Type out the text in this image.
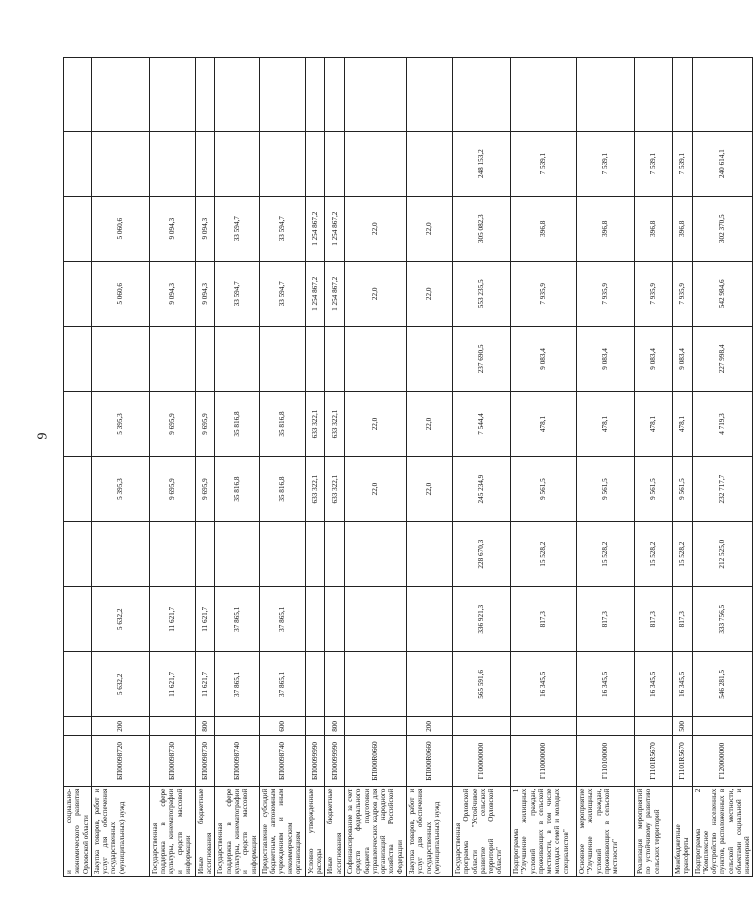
9
и социально-экономического развития Орловской области												
Закупка товаров, работ и услуг для обеспечения государственных (муниципальных) нужд	БП00098720	200	5 632,2	5 632,2		5 395,3	5 395,3		5 060,6	5 060,6		
Государственная поддержка в сфере культуры, кинематографии и средств массовой информации	БП00098730		11 621,7	11 621,7		9 695,9	9 695,9		9 094,3	9 094,3		
Иные бюджетные ассигнования	БП00098730	800	11 621,7	11 621,7		9 695,9	9 695,9		9 094,3	9 094,3		
Государственная поддержка в сфере культуры, кинематографии и средств массовой информации	БП00098740		37 865,1	37 865,1		35 816,8	35 816,8		33 594,7	33 594,7		
Предоставление субсидий бюджетным, автономным учреждениям и иным некоммерческим организациям	БП00098740	600	37 865,1	37 865,1		35 816,8	35 816,8		33 594,7	33 594,7		
Условно утвержденные расходы	БП00099990					633 322,1	633 322,1		1 254 867,2	1 254 867,2		
Иные бюджетные ассигнования	БП00099990	800				633 322,1	633 322,1		1 254 867,2	1 254 867,2		
Софинансирование за счет средств федерального бюджета подготовки управленческих кадров для организаций народного хозяйства Российской Федерации	БП000R0660					22,0	22,0		22,0	22,0		
Закупка товаров, работ и услуг для обеспечения государственных (муниципальных) нужд	БП000R0660	200				22,0	22,0		22,0	22,0		
Государственная программа Орловской области "Устойчивое развитие сельских территорий Орловской области"	Г100000000		565 591,6	336 921,3	228 670,3	245 234,9	7 544,4	237 690,5	553 235,5	305 082,3	248 153,2	
Подпрограмма 1 "Улучшение жилищных условий граждан, проживающих в сельской местности, в том числе молодых семей и молодых специалистов"	Г110000000		16 345,5	817,3	15 528,2	9 561,5	478,1	9 083,4	7 935,9	396,8	7 539,1	
Основное мероприятие "Улучшение жилищных условий граждан, проживающих в сельской местности"	Г110100000		16 345,5	817,3	15 528,2	9 561,5	478,1	9 083,4	7 935,9	396,8	7 539,1	
Реализация мероприятий по устойчивому развитию сельских территорий	Г1101R5670		16 345,5	817,3	15 528,2	9 561,5	478,1	9 083,4	7 935,9	396,8	7 539,1	
Межбюджетные трансферты	Г1101R5670	500	16 345,5	817,3	15 528,2	9 561,5	478,1	9 083,4	7 935,9	396,8	7 539,1	
Подпрограмма 2 "Комплексное обустройство населенных пунктов, расположенных в сельской местности, объектами социальной и инженерной	Г120000000		546 281,5	333 756,5	212 525,0	232 717,7	4 719,3	227 998,4	542 984,6	302 370,5	240 614,1	
